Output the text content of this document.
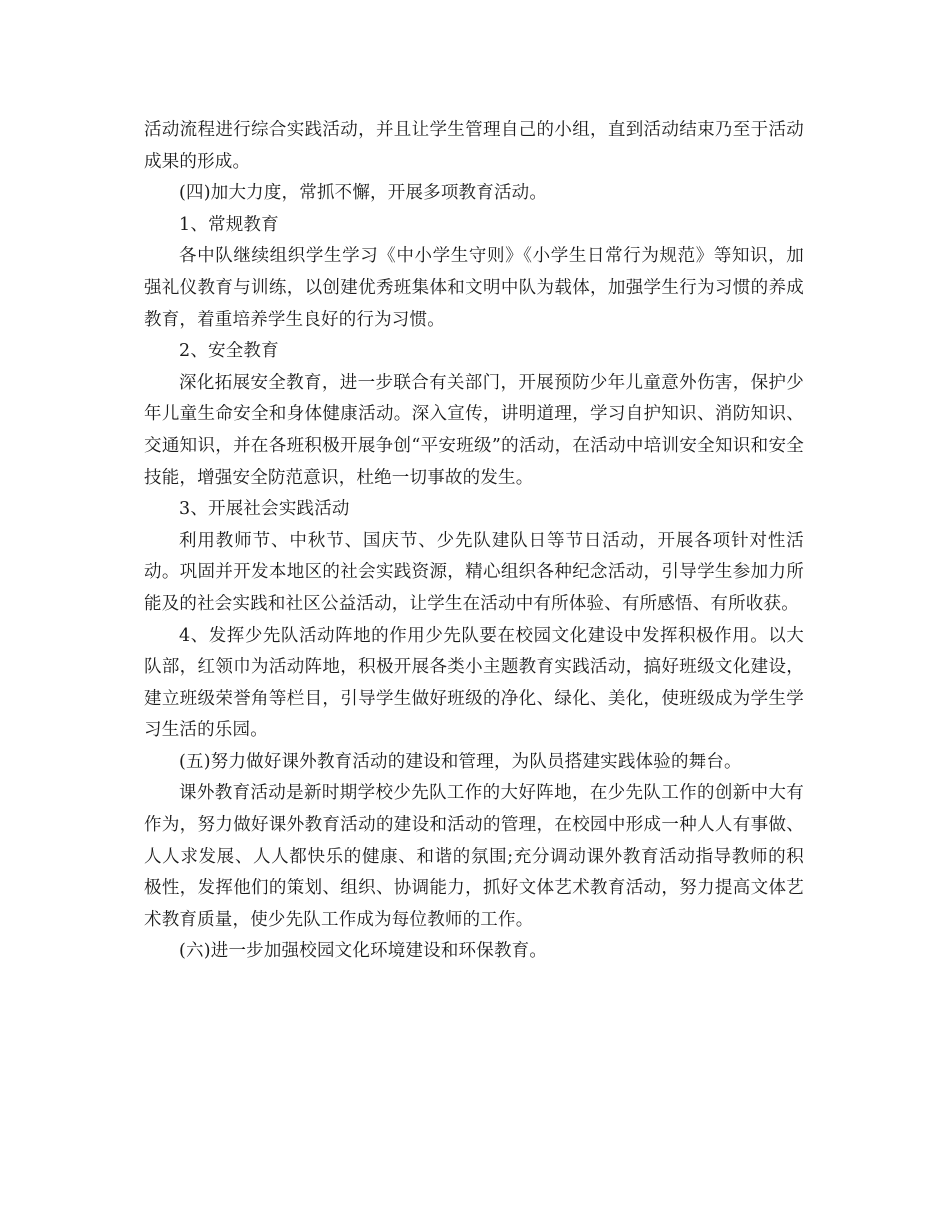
活动流程进行综合实践活动，并且让学生管理自己的小组，直到活动结束乃至于活动成果的形成。

(四)加大力度，常抓不懈，开展多项教育活动。

1、常规教育

各中队继续组织学生学习《中小学生守则》《小学生日常行为规范》等知识，加强礼仪教育与训练，以创建优秀班集体和文明中队为载体，加强学生行为习惯的养成教育，着重培养学生良好的行为习惯。

2、安全教育

深化拓展安全教育，进一步联合有关部门，开展预防少年儿童意外伤害，保护少年儿童生命安全和身体健康活动。深入宣传，讲明道理，学习自护知识、消防知识、交通知识，并在各班积极开展争创“平安班级”的活动，在活动中培训安全知识和安全技能，增强安全防范意识，杜绝一切事故的发生。

3、开展社会实践活动

利用教师节、中秋节、国庆节、少先队建队日等节日活动，开展各项针对性活动。巩固并开发本地区的社会实践资源，精心组织各种纪念活动，引导学生参加力所能及的社会实践和社区公益活动，让学生在活动中有所体验、有所感悟、有所收获。

4、发挥少先队活动阵地的作用少先队要在校园文化建设中发挥积极作用。以大队部，红领巾为活动阵地，积极开展各类小主题教育实践活动，搞好班级文化建设，建立班级荣誉角等栏目，引导学生做好班级的净化、绿化、美化，使班级成为学生学习生活的乐园。

(五)努力做好课外教育活动的建设和管理，为队员搭建实践体验的舞台。

课外教育活动是新时期学校少先队工作的大好阵地，在少先队工作的创新中大有作为，努力做好课外教育活动的建设和活动的管理，在校园中形成一种人人有事做、人人求发展、人人都快乐的健康、和谐的氛围;充分调动课外教育活动指导教师的积极性，发挥他们的策划、组织、协调能力，抓好文体艺术教育活动，努力提高文体艺术教育质量，使少先队工作成为每位教师的工作。

(六)进一步加强校园文化环境建设和环保教育。
